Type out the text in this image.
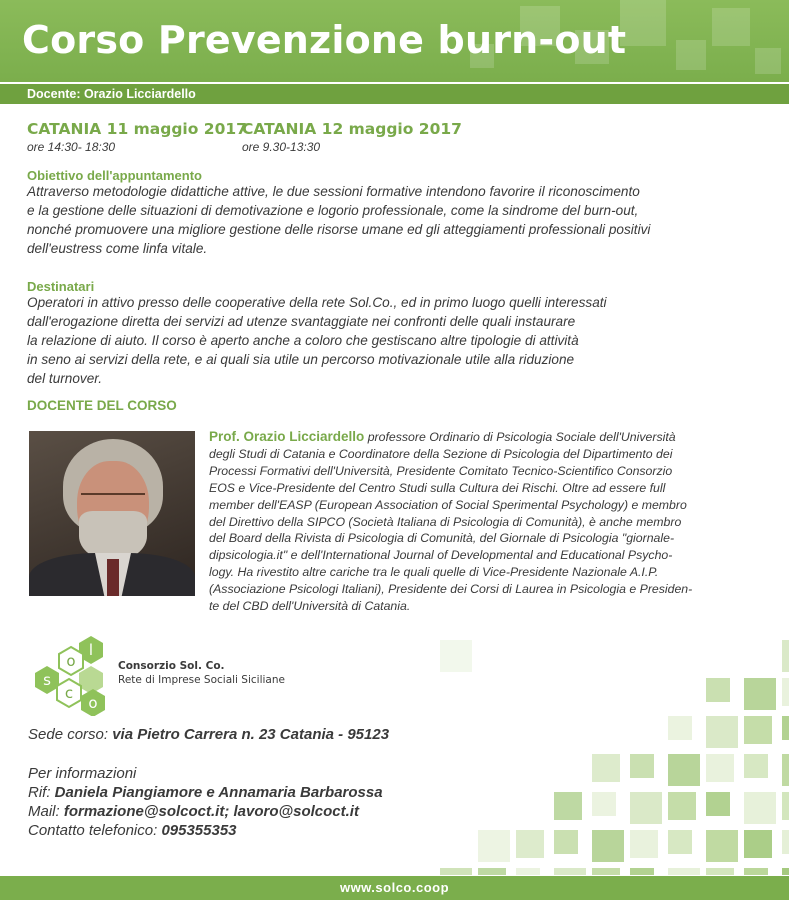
Corso Prevenzione burn-out
Docente: Orazio Licciardello
CATANIA 11 maggio 2017
ore 14:30- 18:30
CATANIA 12 maggio 2017
ore 9.30-13:30
Obiettivo dell'appuntamento
Attraverso metodologie didattiche attive, le due sessioni formative intendono favorire il riconoscimento
e la gestione delle situazioni di demotivazione e logorio professionale, come la sindrome del burn-out,
nonché promuovere una migliore gestione delle risorse umane ed gli atteggiamenti professionali positivi
dell'eustress come linfa vitale.
Destinatari
Operatori in attivo presso delle cooperative della rete Sol.Co., ed in primo luogo quelli interessati
dall'erogazione diretta dei servizi ad utenze svantaggiate nei confronti delle quali instaurare
la relazione di aiuto. Il corso è aperto anche a coloro che gestiscano altre tipologie di attività
in seno ai servizi della rete, e ai quali sia utile un percorso motivazionale utile alla riduzione
del turnover.
DOCENTE DEL CORSO
Prof. Orazio Licciardello professore Ordinario di Psicologia Sociale dell'Università
degli Studi di Catania e Coordinatore della Sezione di Psicologia del Dipartimento dei
Processi Formativi dell'Università, Presidente Comitato Tecnico-Scientifico Consorzio
EOS e Vice-Presidente del Centro Studi sulla Cultura dei Rischi. Oltre ad essere full
member dell'EASP (European Association of Social Sperimental Psychology) e membro
del Direttivo della SIPCO (Società Italiana di Psicologia di Comunità), è anche membro
del Board della Rivista di Psicologia di Comunità, del Giornale di Psicologia "giornale-
dipsicologia.it" e dell'International Journal of Developmental and Educational Psycho-
logy. Ha rivestito altre cariche tra le quali quelle di Vice-Presidente Nazionale A.I.P.
(Associazione Psicologi Italiani), Presidente dei Corsi di Laurea in Psicologia e Presiden-
te del CBD dell'Università di Catania.
l
o
s
c
o
Consorzio Sol. Co.
Rete di Imprese Sociali Siciliane
Sede corso: via Pietro Carrera n. 23 Catania - 95123
Per informazioni
Rif: Daniela Piangiamore e Annamaria Barbarossa
Mail: formazione@solcoct.it; lavoro@solcoct.it
Contatto telefonico: 095355353
www.solco.coop
